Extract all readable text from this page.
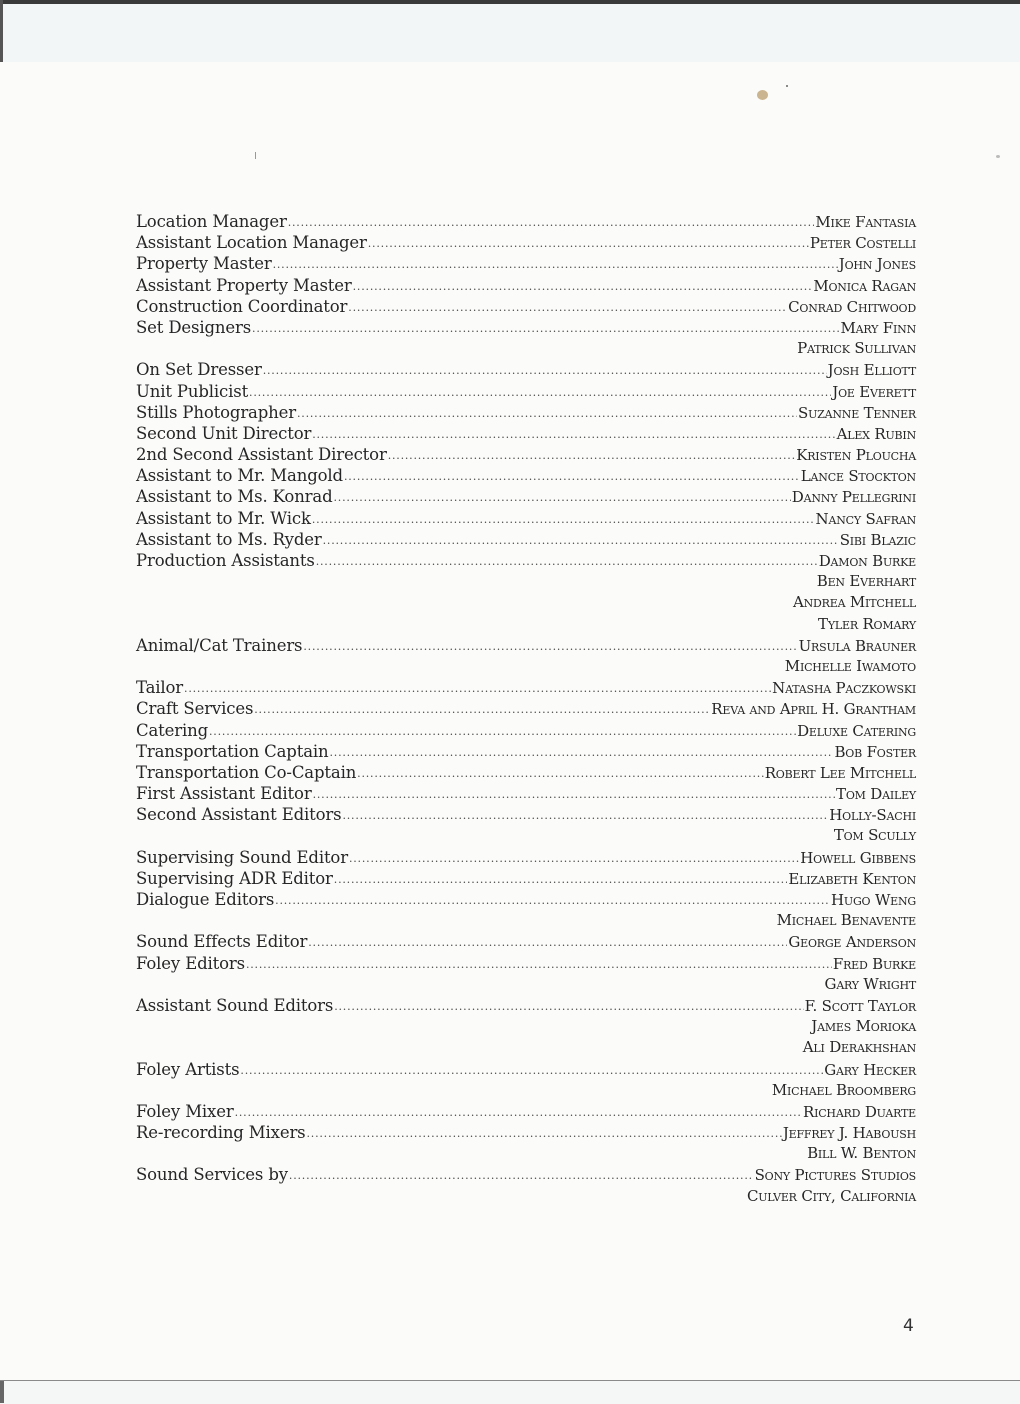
Location Manager .....	Mike Fantasia
Assistant Location Manager .....	Peter Costelli
Property Master .....	John Jones
Assistant Property Master .....	Monica Ragan
Construction Coordinator .....	Conrad Chitwood
Set Designers .....	Mary Finn
Patrick Sullivan
On Set Dresser .....	Josh Elliott
Unit Publicist .....	Joe Everett
Stills Photographer .....	Suzanne Tenner
Second Unit Director .....	Alex Rubin
2nd Second Assistant Director .....	Kristen Ploucha
Assistant to Mr. Mangold .....	Lance Stockton
Assistant to Ms. Konrad .....	Danny Pellegrini
Assistant to Mr. Wick .....	Nancy Safran
Assistant to Ms. Ryder .....	Sibi Blazic
Production Assistants .....	Damon Burke
Ben Everhart
Andrea Mitchell
Tyler Romary
Animal/Cat Trainers .....	Ursula Brauner
Michelle Iwamoto
Tailor .....	Natasha Paczkowski
Craft Services .....	Reva and April H. Grantham
Catering .....	Deluxe Catering
Transportation Captain .....	Bob Foster
Transportation Co-Captain .....	Robert Lee Mitchell
First Assistant Editor .....	Tom Dailey
Second Assistant Editors .....	Holly-Sachi
Tom Scully
Supervising Sound Editor .....	Howell Gibbens
Supervising ADR Editor .....	Elizabeth Kenton
Dialogue Editors .....	Hugo Weng
Michael Benavente
Sound Effects Editor .....	George Anderson
Foley Editors .....	Fred Burke
Gary Wright
Assistant Sound Editors .....	F. Scott Taylor
James Morioka
Ali Derakhshan
Foley Artists .....	Gary Hecker
Michael Broomberg
Foley Mixer .....	Richard Duarte
Re-recording Mixers .....	Jeffrey J. Haboush
Bill W. Benton
Sound Services by .....	Sony Pictures Studios
Culver City, California
4
